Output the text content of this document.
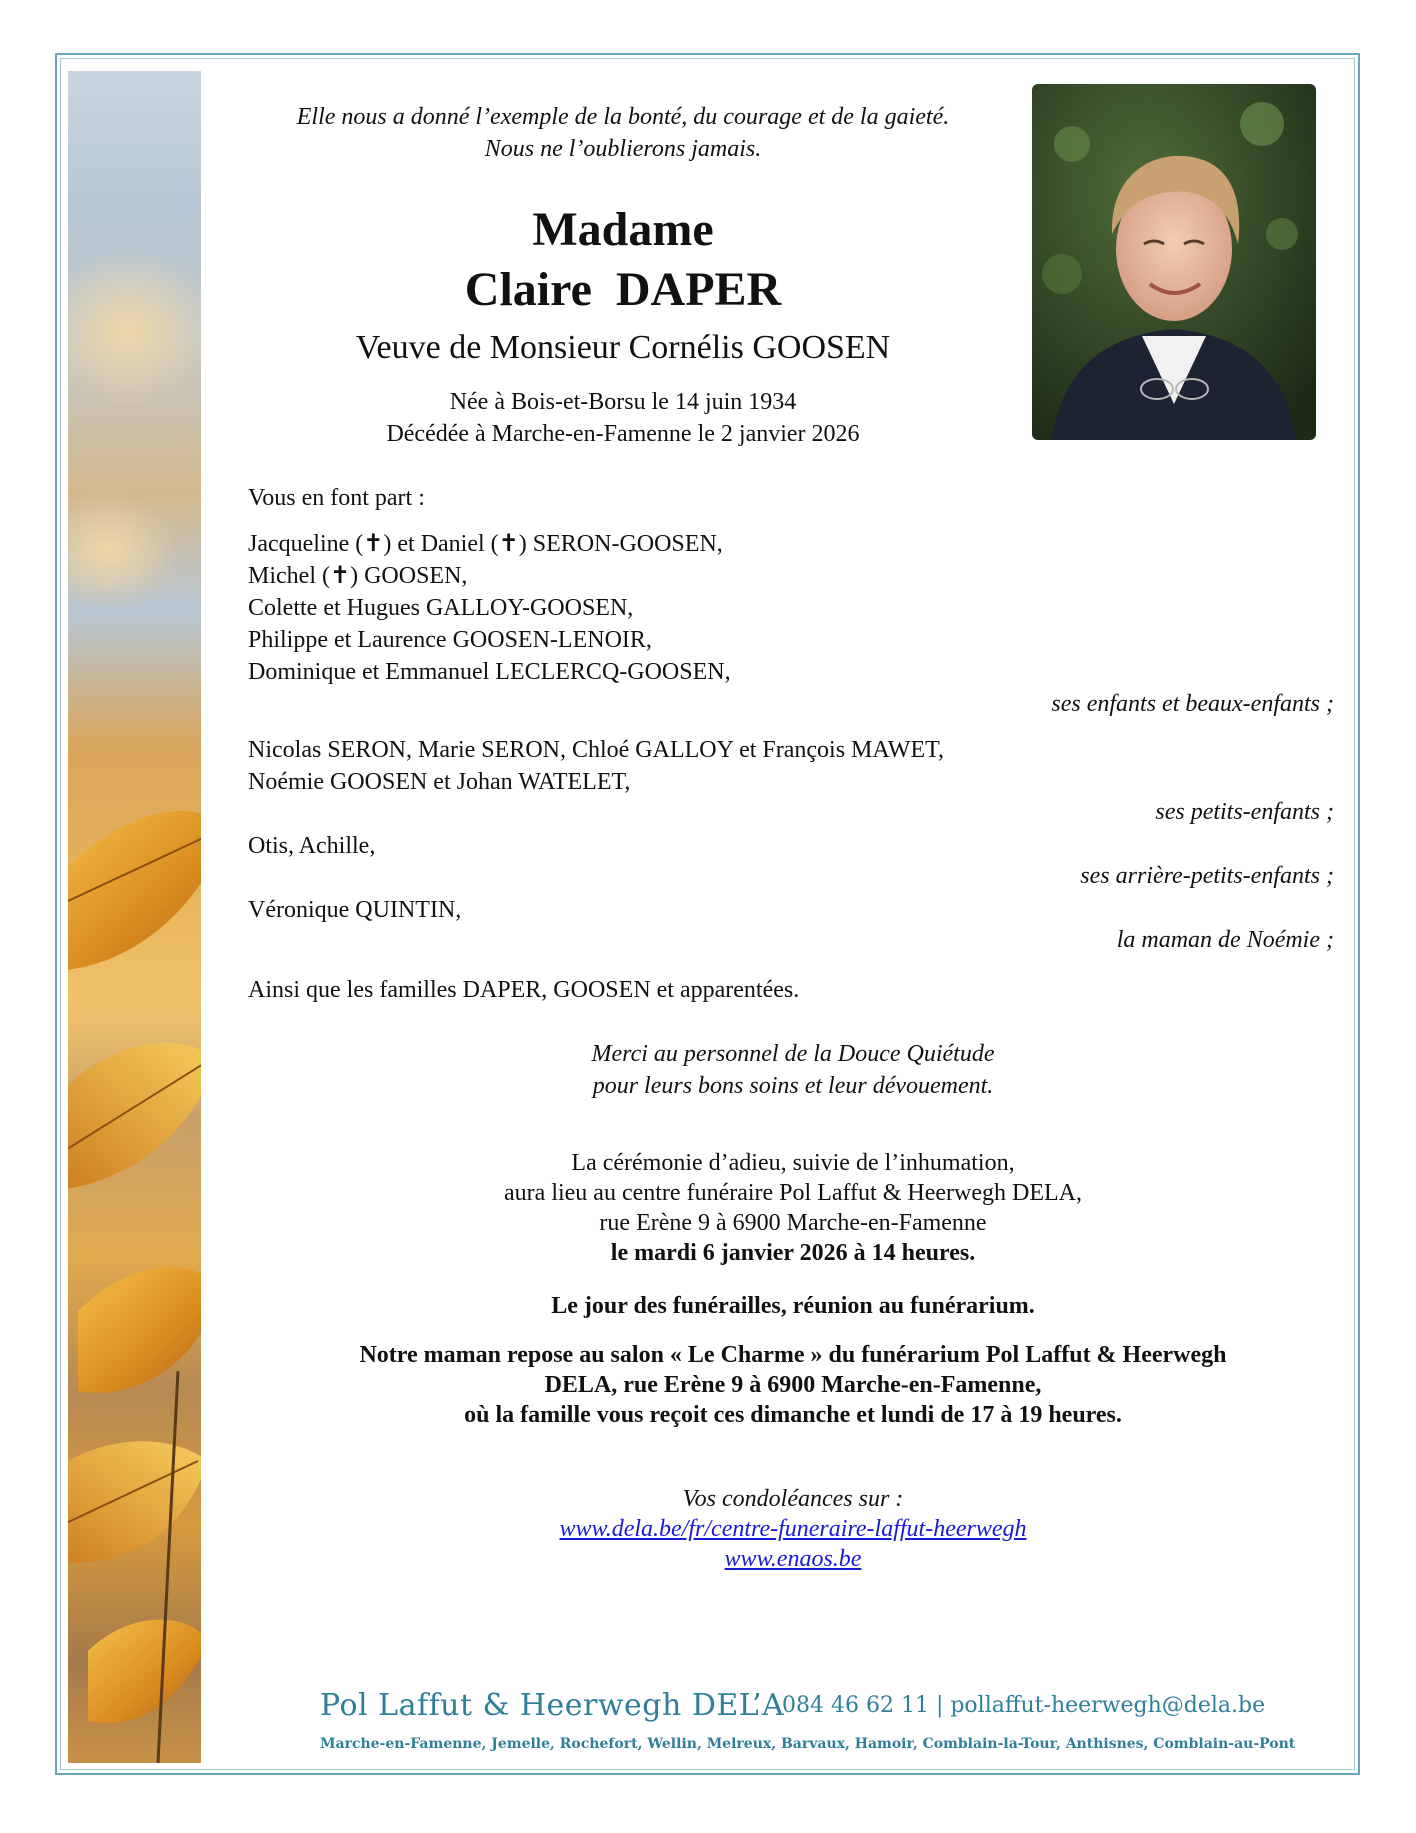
Elle nous a donné l’exemple de la bonté, du courage et de la gaieté.
Nous ne l’oublierons jamais.
Madame
Claire  DAPER
Veuve de Monsieur Cornélis GOOSEN
Née à Bois-et-Borsu le 14 juin 1934
Décédée à Marche-en-Famenne le 2 janvier 2026
Vous en font part :
Jacqueline (✝) et Daniel (✝) SERON-GOOSEN,
Michel (✝) GOOSEN,
Colette et Hugues GALLOY-GOOSEN,
Philippe et Laurence GOOSEN-LENOIR,
Dominique et Emmanuel LECLERCQ-GOOSEN,
ses enfants et beaux-enfants ;
Nicolas SERON, Marie SERON, Chloé GALLOY et François MAWET,
Noémie GOOSEN et Johan WATELET,
ses petits-enfants ;
Otis, Achille,
ses arrière-petits-enfants ;
Véronique QUINTIN,
la maman de Noémie ;
Ainsi que les familles DAPER, GOOSEN et apparentées.
Merci au personnel de la Douce Quiétude
pour leurs bons soins et leur dévouement.
La cérémonie d’adieu, suivie de l’inhumation,
aura lieu au centre funéraire Pol Laffut & Heerwegh DELA,
rue Erène 9 à 6900 Marche-en-Famenne
le mardi 6 janvier 2026 à 14 heures.
Le jour des funérailles, réunion au funérarium.
Notre maman repose au salon « Le Charme » du funérarium Pol Laffut & Heerwegh
DELA, rue Erène 9 à 6900 Marche-en-Famenne,
où la famille vous reçoit ces dimanche et lundi de 17 à 19 heures.
Vos condoléances sur :
www.dela.be/fr/centre-funeraire-laffut-heerwegh
www.enaos.be
Pol Laffut & Heerwegh DEL’A
084 46 62 11 | pollaffut-heerwegh@dela.be
Marche-en-Famenne, Jemelle, Rochefort, Wellin, Melreux, Barvaux, Hamoir, Comblain-la-Tour, Anthisnes, Comblain-au-Pont
